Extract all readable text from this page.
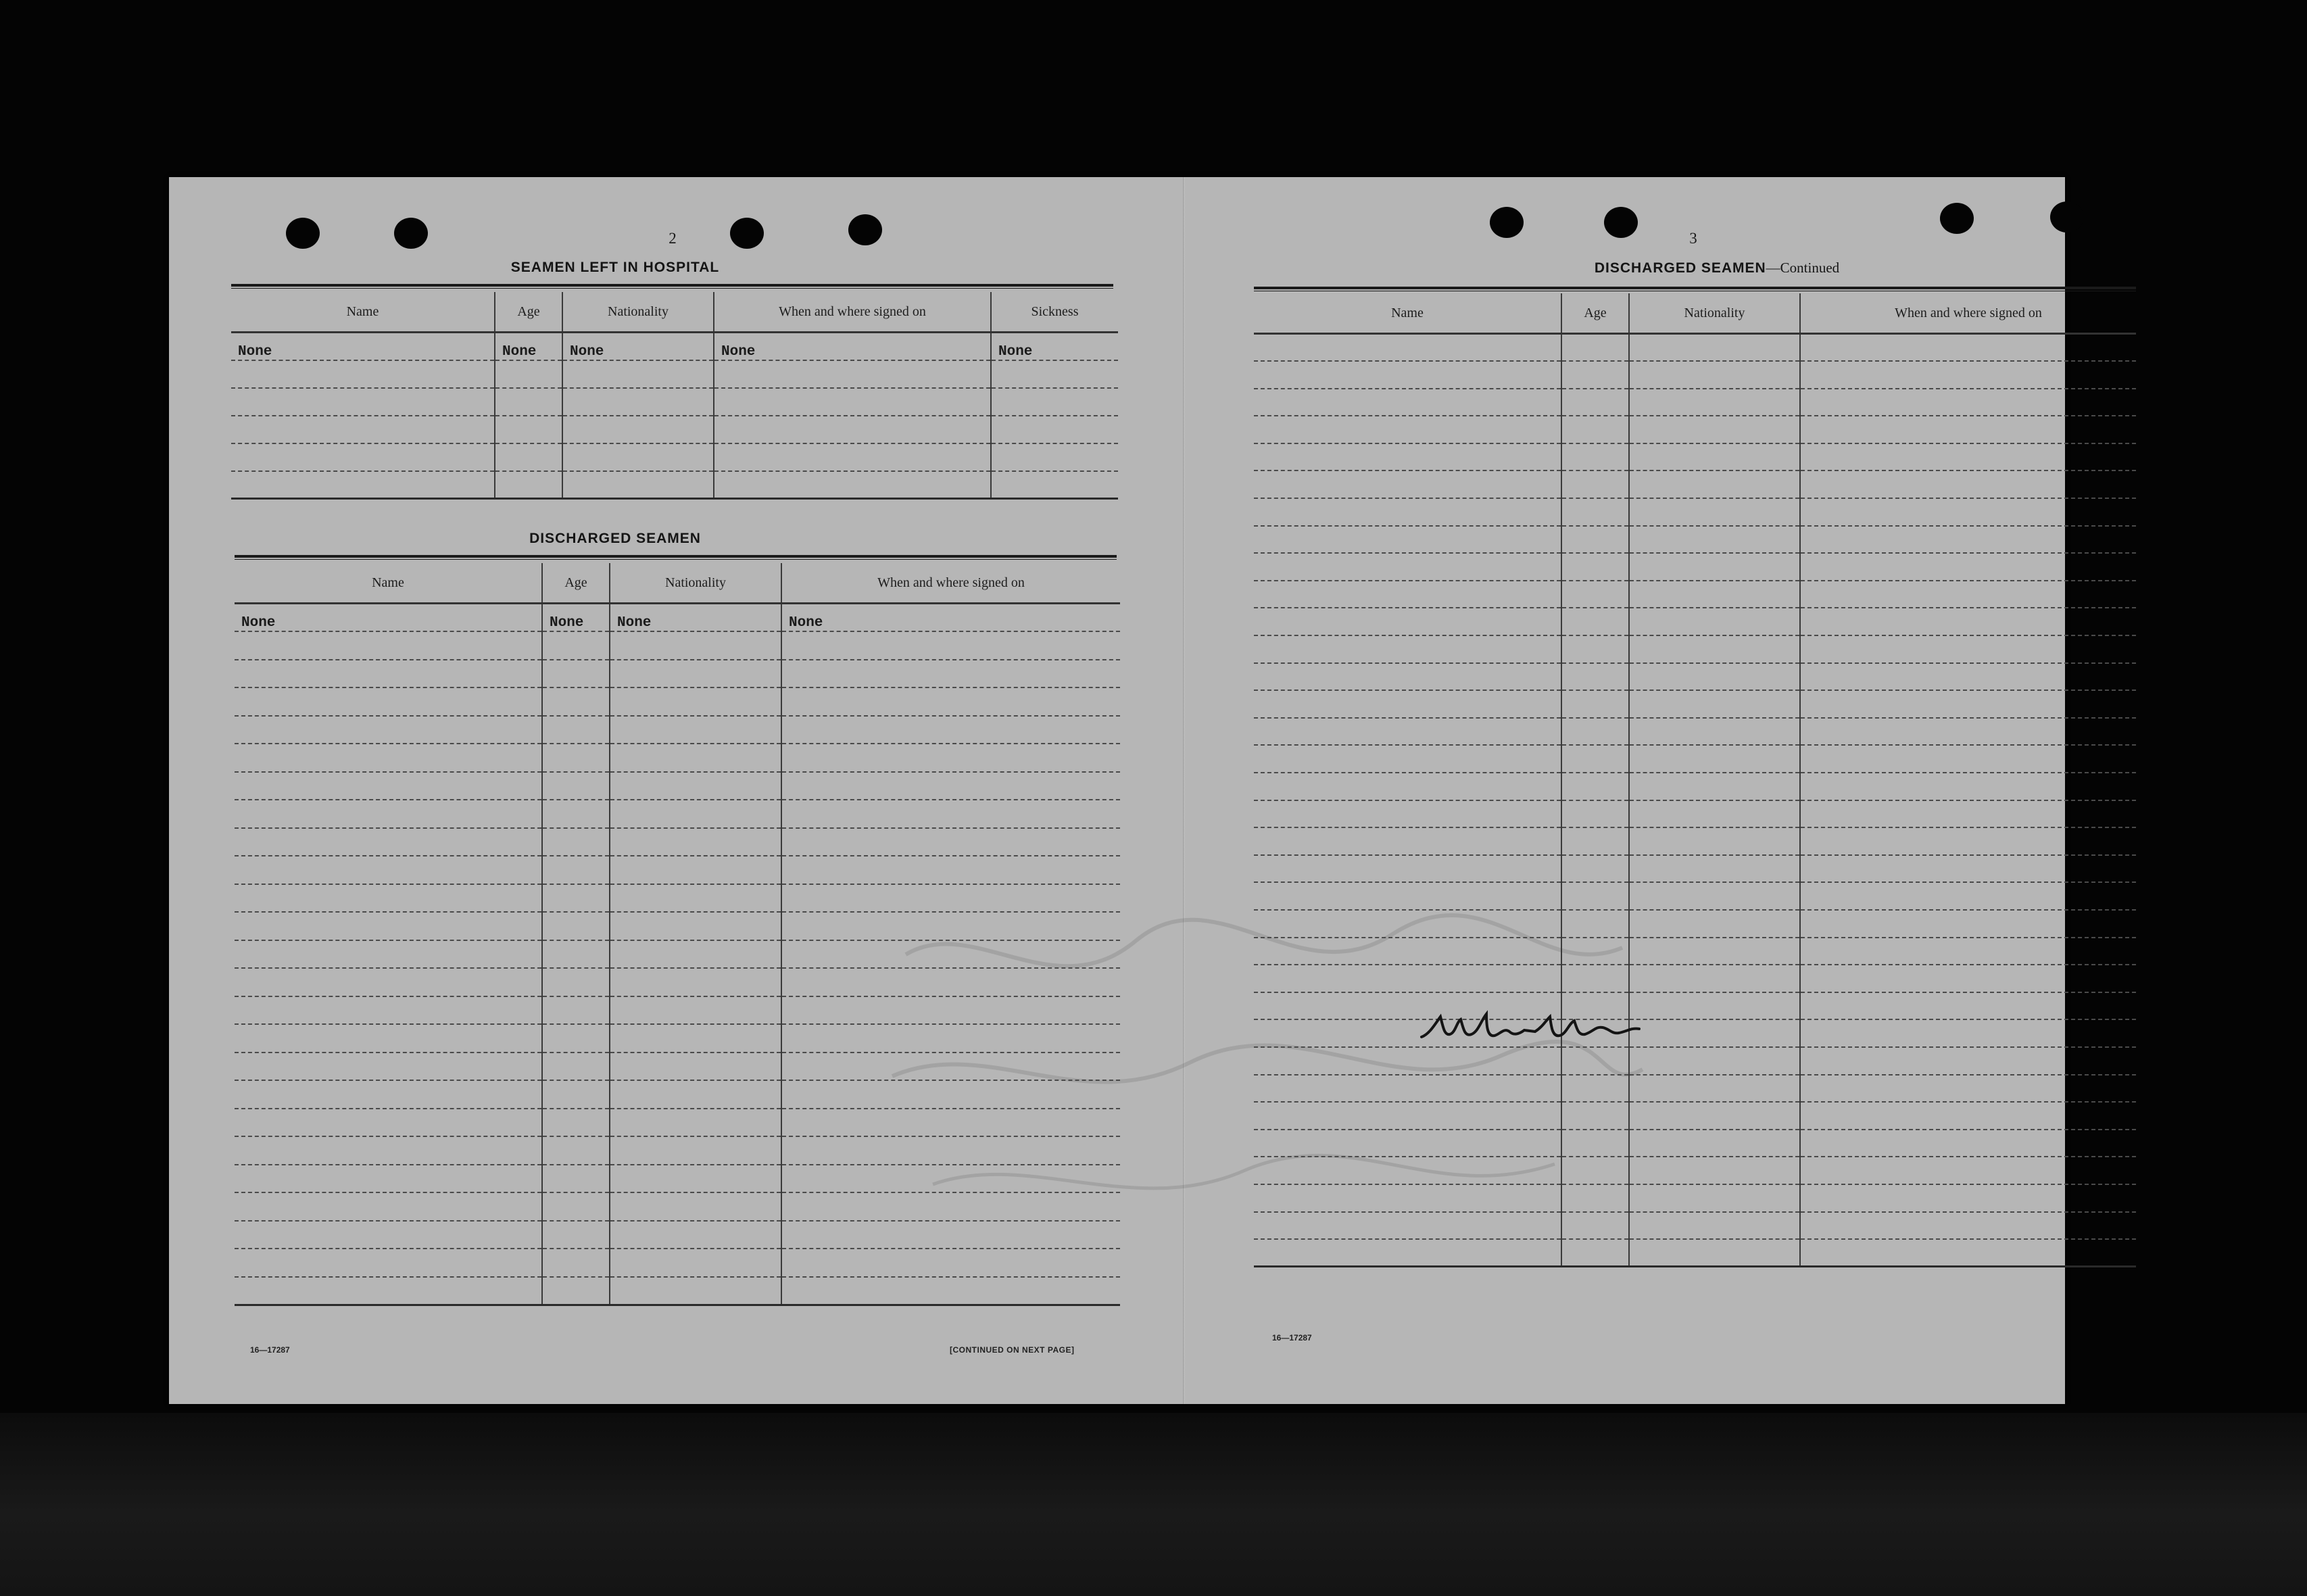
2
SEAMEN LEFT IN HOSPITAL
Name	Age	Nationality	When and where signed on	Sickness
None	None	None	None	None

DISCHARGED SEAMEN
Name	Age	Nationality	When and where signed on
None	None	None	None

16—17287	[CONTINUED ON NEXT PAGE]
3
DISCHARGED SEAMEN—Continued
Name	Age	Nationality	When and where signed on

16—17287
